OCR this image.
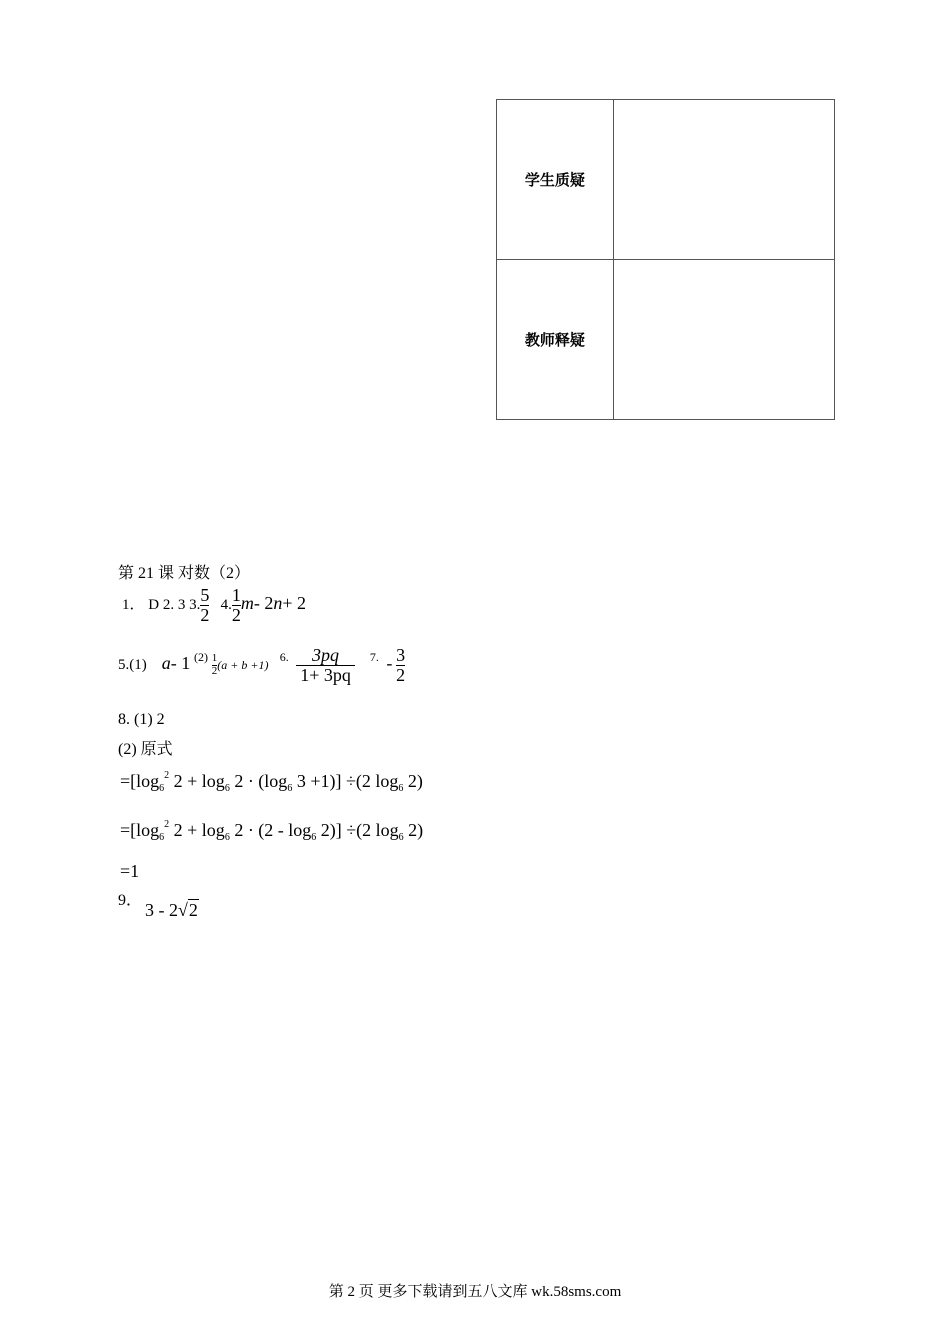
学生质疑	
教师释疑	
第 21 课 对数（2）
1． D 2. 3 3. $\frac{5}{2} 4$. $\frac{1}{2} m-$ 2n+ 2
5.(1) a- 1 $^{(2)} \frac{1}{2} (a + b +1)$   $^{6.} \frac{3pq}{1+ 3pq} ^{7.} - \frac{3}{2}$
8. (1) 2
(2) 原式
$=[\log_6^2$ $2 + \log_6 2 \cdot (\log_6$ 3 +1)] ÷(2 $\log_6 2$)
$=[\log_6^2$ $2 + \log_6 2 \cdot (2 - \log_6 2)] \div(2$ $\log_6 2$)
=1
9． 3 - 2√2
第 2 页 更多下载请到五八文库 wk.58sms.com
